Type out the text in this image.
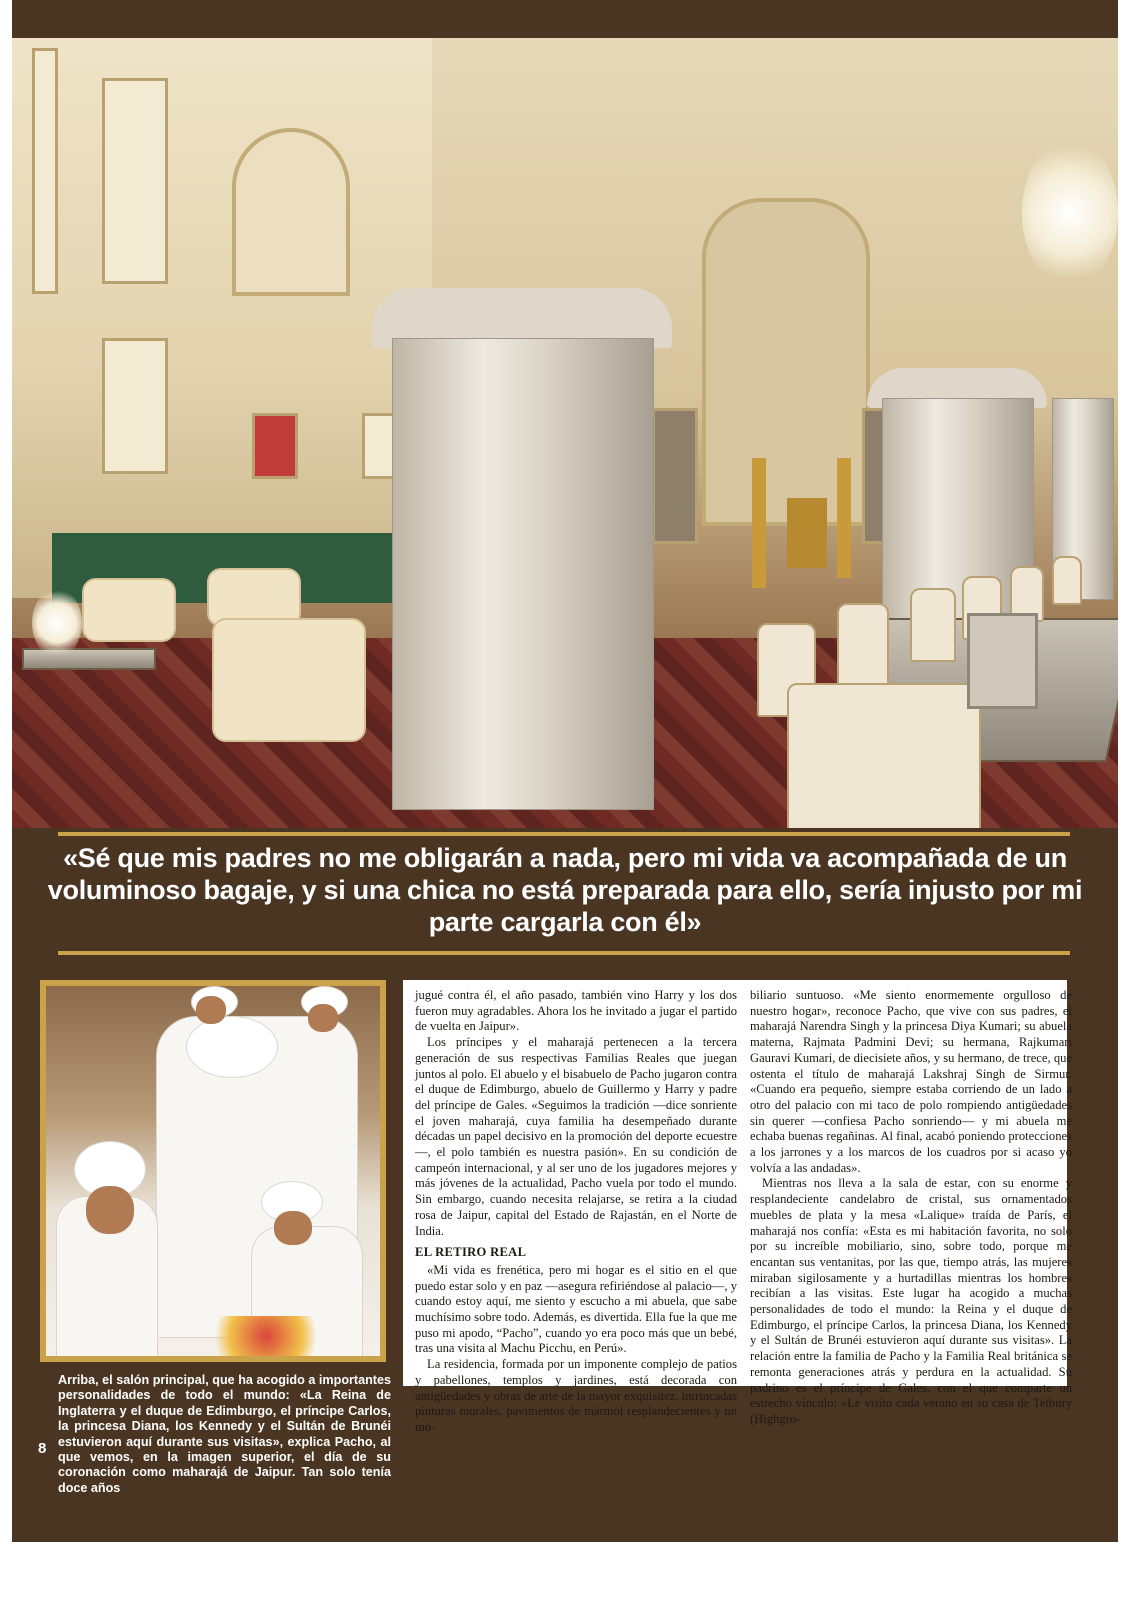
«Sé que mis padres no me obligarán a nada, pero mi vida va acompañada de un voluminoso bagaje, y si una chica no está preparada para ello, sería injusto por mi parte cargarla con él»
Arriba, el salón principal, que ha acogido a importantes personalidades de todo el mundo: «La Reina de Inglaterra y el duque de Edimburgo, el príncipe Carlos, la princesa Diana, los Kennedy y el Sultán de Brunéi estuvieron aquí durante sus visitas», explica Pacho, al que vemos, en la imagen superior, el día de su coronación como maharajá de Jaipur. Tan solo tenía doce años
8

jugué contra él, el año pasado, también vino Harry y los dos fueron muy agradables. Ahora los he invitado a jugar el partido de vuelta en Jaipur».

Los príncipes y el maharajá pertenecen a la tercera generación de sus respectivas Familias Reales que juegan juntos al polo. El abuelo y el bisabuelo de Pacho jugaron contra el duque de Edimburgo, abuelo de Guillermo y Harry y padre del príncipe de Gales. «Seguimos la tradición —dice sonriente el joven maharajá, cuya familia ha desempeñado durante décadas un papel decisivo en la promoción del deporte ecuestre—, el polo también es nuestra pasión». En su condición de campeón internacional, y al ser uno de los jugadores mejores y más jóvenes de la actualidad, Pacho vuela por todo el mundo. Sin embargo, cuando necesita relajarse, se retira a la ciudad rosa de Jaipur, capital del Estado de Rajastán, en el Norte de India.

EL RETIRO REAL

«Mi vida es frenética, pero mi hogar es el sitio en el que puedo estar solo y en paz —asegura refiriéndose al palacio—, y cuando estoy aquí, me siento y escucho a mi abuela, que sabe muchísimo sobre todo. Además, es divertida. Ella fue la que me puso mi apodo, “Pacho”, cuando yo era poco más que un bebé, tras una visita al Machu Picchu, en Perú».

La residencia, formada por un imponente complejo de patios y pabellones, templos y jardines, está decorada con antigüedades y obras de arte de la mayor exquisitez, intrincadas pinturas murales, pavimentos de mármol resplandecientes y un mo-

biliario suntuoso. «Me siento enormemente orgulloso de nuestro hogar», reconoce Pacho, que vive con sus padres, el maharajá Narendra Singh y la princesa Diya Kumari; su abuela materna, Rajmata Padmini Devi; su hermana, Rajkumari Gauravi Kumari, de diecisiete años, y su hermano, de trece, que ostenta el título de maharajá Lakshraj Singh de Sirmur. «Cuando era pequeño, siempre estaba corriendo de un lado a otro del palacio con mi taco de polo rompiendo antigüedades sin querer —confiesa Pacho sonriendo— y mi abuela me echaba buenas regañinas. Al final, acabó poniendo protecciones a los jarrones y a los marcos de los cuadros por si acaso yo volvía a las andadas».

Mientras nos lleva a la sala de estar, con su enorme y resplandeciente candelabro de cristal, sus ornamentados muebles de plata y la mesa «Lalique» traída de París, el maharajá nos confía: «Esta es mi habitación favorita, no solo por su increíble mobiliario, sino, sobre todo, porque me encantan sus ventanitas, por las que, tiempo atrás, las mujeres miraban sigilosamente y a hurtadillas mientras los hombres recibían a las visitas. Este lugar ha acogido a muchas personalidades de todo el mundo: la Reina y el duque de Edimburgo, el príncipe Carlos, la princesa Diana, los Kennedy y el Sultán de Brunéi estuvieron aquí durante sus visitas». La relación entre la familia de Pacho y la Familia Real británica se remonta generaciones atrás y perdura en la actualidad. Su padrino es el príncipe de Gales, con el que comparte un estrecho vínculo: «Le visito cada verano en su casa de Tetbury (Highgro-
